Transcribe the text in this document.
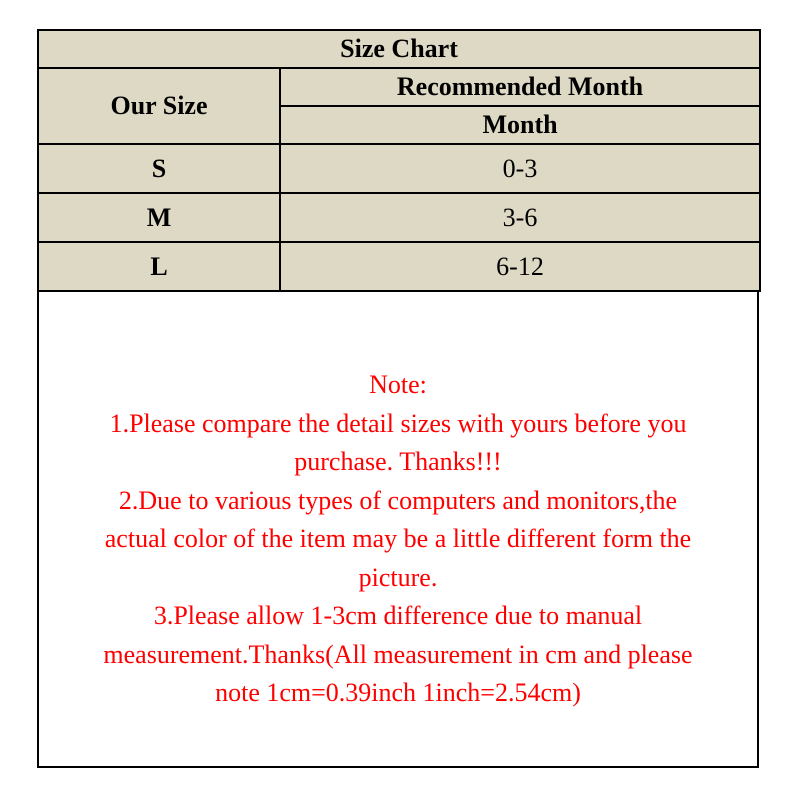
Size Chart	
Our Size	Recommended Month
	Month
S	0-3
M	3-6
L	6-12
Note:
1.Please compare the detail sizes with yours before you
purchase. Thanks!!!
2.Due to various types of computers and monitors,the
actual color of the item may be a little different form the
picture.
3.Please allow 1-3cm difference due to manual
measurement.Thanks(All measurement in cm and please
note 1cm=0.39inch 1inch=2.54cm)
